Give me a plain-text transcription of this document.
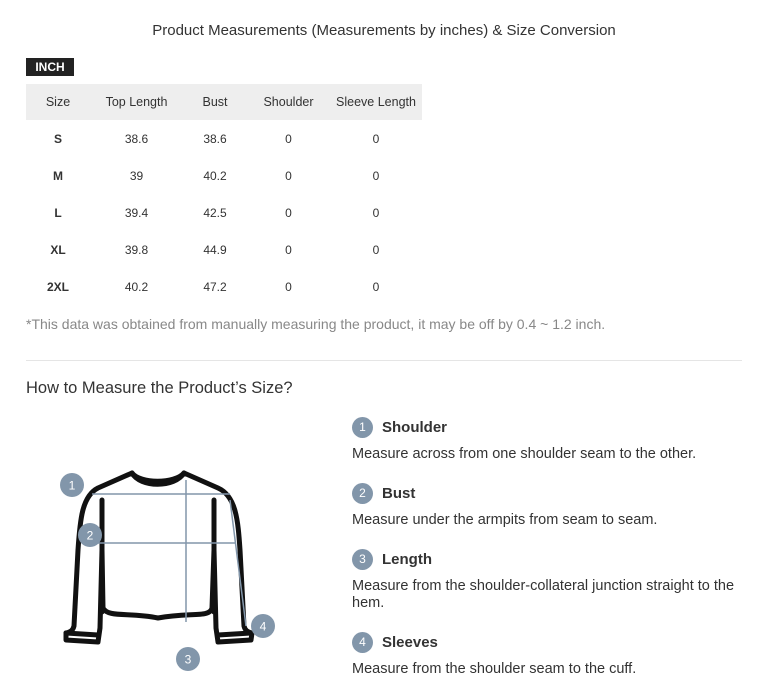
Product Measurements (Measurements by inches) & Size Conversion
INCH
Size	Top Length	Bust	Shoulder	Sleeve Length
S	38.6	38.6	0	0
M	39	40.2	0	0
L	39.4	42.5	0	0
XL	39.8	44.9	0	0
2XL	40.2	47.2	0	0
*This data was obtained from manually measuring the product, it may be off by 0.4 ~ 1.2 inch.
How to Measure the Product’s Size?
1
2
3
4
1	Shoulder
Measure across from one shoulder seam to the other.
2	Bust
Measure under the armpits from seam to seam.
3	Length
Measure from the shoulder-collateral junction straight to the hem.
4	Sleeves
Measure from the shoulder seam to the cuff.
